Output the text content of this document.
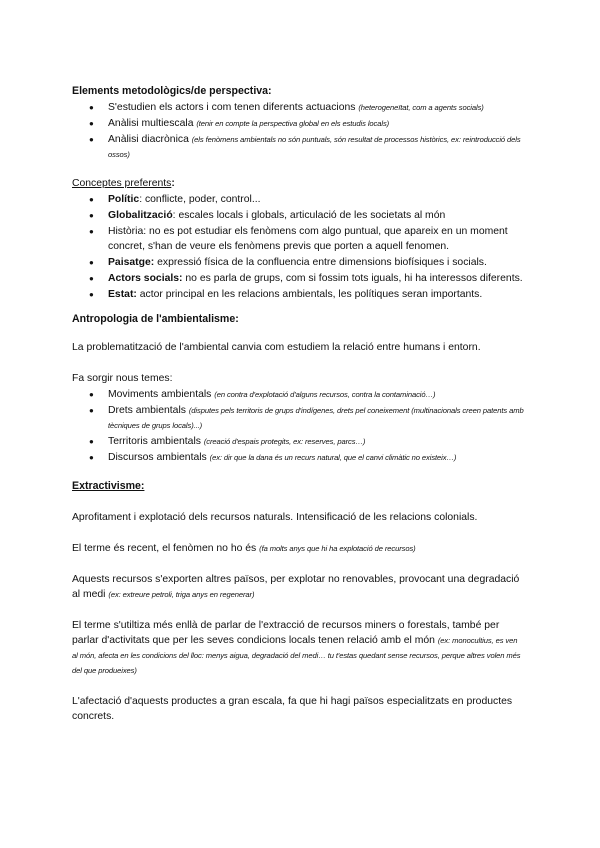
Elements metodològics/de perspectiva:
● S'estudien els actors i com tenen diferents actuacions (heterogeneïtat, com a agents socials)
● Anàlisi multiescala (tenir en compte la perspectiva global en els estudis locals)
● Anàlisi diacrònica (els fenòmens ambientals no són puntuals, són resultat de processos històrics, ex: reintroducció dels ossos)

Conceptes preferents:

● Polític: conflicte, poder, control...
● Globalització: escales locals i globals, articulació de les societats al món
● Història: no es pot estudiar els fenòmens com algo puntual, que apareix en un moment concret, s'han de veure els fenòmens previs que porten a aquell fenomen.
● Paisatge: expressió física de la confluencia entre dimensions biofísiques i socials.
● Actors socials: no es parla de grups, com si fossim tots iguals, hi ha interessos diferents.
● Estat: actor principal en les relacions ambientals, les polítiques seran importants.
Antropologia de l'ambientalisme:

La problematització de l'ambiental canvia com estudiem la relació entre humans i entorn.

Fa sorgir nous temes:

● Moviments ambientals (en contra d'explotació d'alguns recursos, contra la contaminació…)
● Drets ambientals (disputes pels territoris de grups d'indígenes, drets pel coneixement (multinacionals creen patents amb tècniques de grups locals)...)
● Territoris ambientals (creació d'espais protegits, ex: reserves, parcs…)
● Discursos ambientals (ex: dir que la dana és un recurs natural, que el canvi climàtic no existeix…)
Extractivisme:

Aprofitament i explotació dels recursos naturals. Intensificació de les relacions colonials.

El terme és recent, el fenòmen no ho és (fa molts anys que hi ha explotació de recursos)

Aquests recursos s'exporten altres països, per explotar no renovables, provocant una degradació al medi (ex: extreure petroli, triga anys en regenerar)

El terme s'utiltiza més enllà de parlar de l'extracció de recursos miners o forestals, també per parlar d'activitats que per les seves condicions locals tenen relació amb el món (ex: monocultius, es ven al món, afecta en les condicions del lloc: menys aigua, degradació del medi… tu t'estas quedant sense recursos, perque altres volen més del que produeixes)

L'afectació d'aquests productes a gran escala, fa que hi hagi països especialitzats en productes concrets.
